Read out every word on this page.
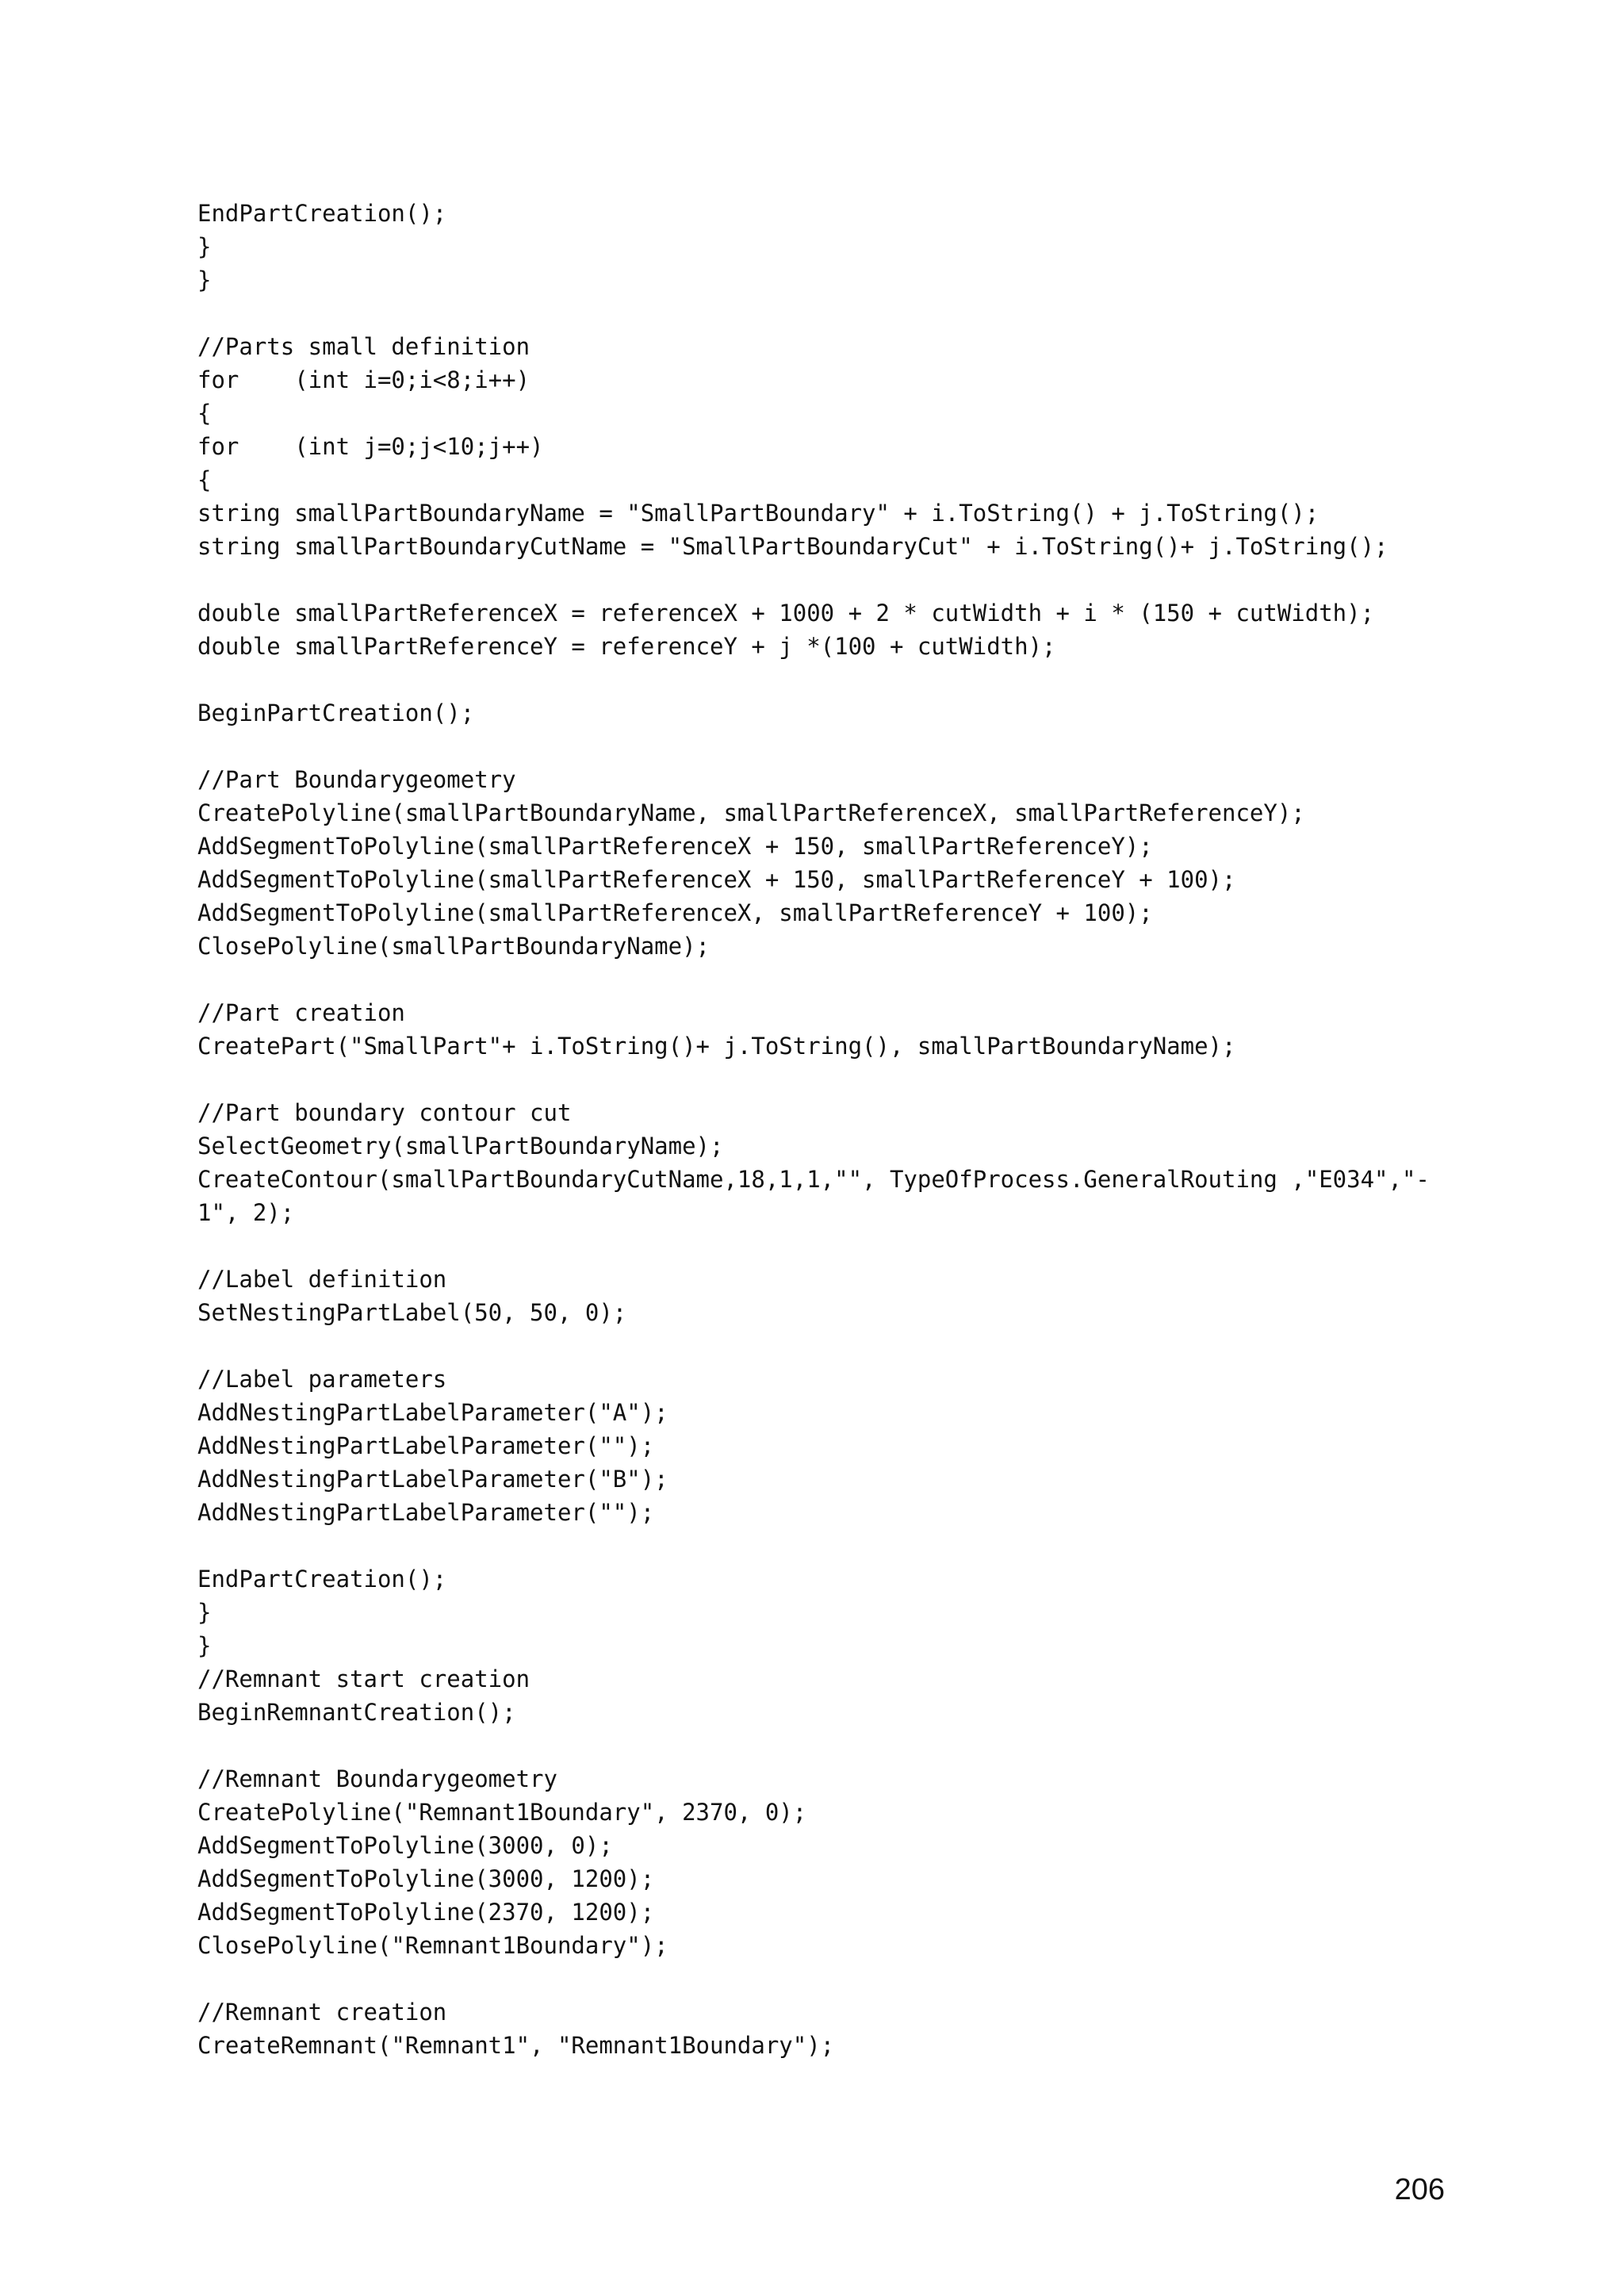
EndPartCreation();
}
}
//Parts small definition
for    (int i=0;i<8;i++)
{
for    (int j=0;j<10;j++)
{
string smallPartBoundaryName = "SmallPartBoundary" + i.ToString() + j.ToString();
string smallPartBoundaryCutName = "SmallPartBoundaryCut" + i.ToString()+ j.ToString();
double smallPartReferenceX = referenceX + 1000 + 2 * cutWidth + i * (150 + cutWidth);
double smallPartReferenceY = referenceY + j *(100 + cutWidth);
BeginPartCreation();
//Part Boundarygeometry
CreatePolyline(smallPartBoundaryName, smallPartReferenceX, smallPartReferenceY);
AddSegmentToPolyline(smallPartReferenceX + 150, smallPartReferenceY);
AddSegmentToPolyline(smallPartReferenceX + 150, smallPartReferenceY + 100);
AddSegmentToPolyline(smallPartReferenceX, smallPartReferenceY + 100);
ClosePolyline(smallPartBoundaryName);
//Part creation
CreatePart("SmallPart"+ i.ToString()+ j.ToString(), smallPartBoundaryName);
//Part boundary contour cut
SelectGeometry(smallPartBoundaryName);
CreateContour(smallPartBoundaryCutName,18,1,1,"", TypeOfProcess.GeneralRouting ,"E034","-
1", 2);
//Label definition
SetNestingPartLabel(50, 50, 0);
//Label parameters
AddNestingPartLabelParameter("A");
AddNestingPartLabelParameter("");
AddNestingPartLabelParameter("B");
AddNestingPartLabelParameter("");
EndPartCreation();
}
}
//Remnant start creation
BeginRemnantCreation();
//Remnant Boundarygeometry
CreatePolyline("Remnant1Boundary", 2370, 0);
AddSegmentToPolyline(3000, 0);
AddSegmentToPolyline(3000, 1200);
AddSegmentToPolyline(2370, 1200);
ClosePolyline("Remnant1Boundary");
//Remnant creation
CreateRemnant("Remnant1", "Remnant1Boundary");
206
